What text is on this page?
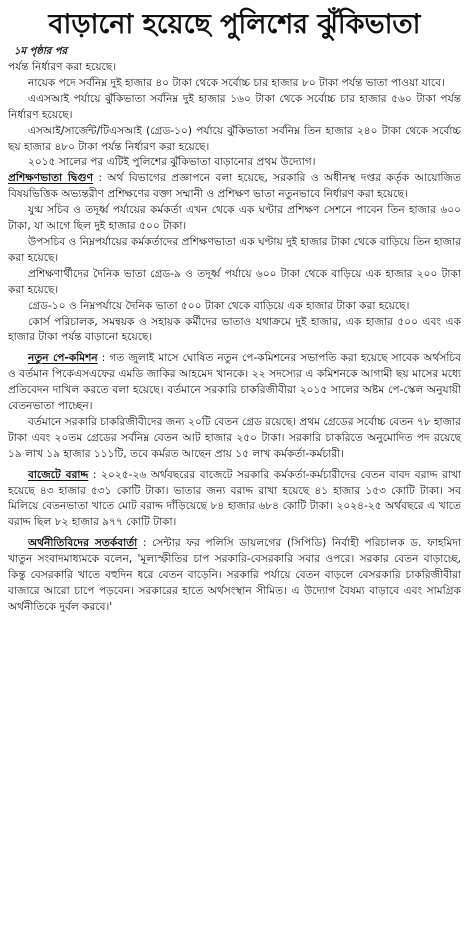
বাড়ানো হয়েছে পুলিশের ঝুঁকিভাতা

১ম পৃষ্ঠার পর

পর্যন্ত নির্ধারণ করা হয়েছে।

নায়েক পদে সর্বনিম্ন দুই হাজার ৪০ টাকা থেকে সর্বোচ্চ চার হাজার ৮০ টাকা পর্যন্ত ভাতা পাওয়া যাবে।

এএসআই পর্যায়ে ঝুঁকিভাতা সর্বনিম্ন দুই হাজার ১৬০ টাকা থেকে সর্বোচ্চ চার হাজার ৫৬০ টাকা পর্যন্ত নির্ধারণ হয়েছে।

এসআই/সার্জেন্ট/টিএসআই (গ্রেড-১০) পর্যায়ে ঝুঁকিভাতা সর্বনিম্ন তিন হাজার ২৪০ টাকা থেকে সর্বোচ্চ ছয় হাজার ৪৮০ টাকা পর্যন্ত নির্ধারণ করা হয়েছে।

২০১৫ সালের পর এটিই পুলিশের ঝুঁকিভাতা বাড়ানোর প্রথম উদ্যোগ।

প্রশিক্ষণভাতা দ্বিগুণ : অর্থ বিভাগের প্রজ্ঞাপনে বলা হয়েছে, সরকারি ও অধীনস্থ দপ্তর কর্তৃক আয়োজিত বিষয়ভিত্তিক অভ্যন্তরীণ প্রশিক্ষণের বক্তা সম্মানী ও প্রশিক্ষণ ভাতা নতুনভাবে নির্ধারণ করা হয়েছে।

যুগ্ম সচিব ও তদূর্ধ্ব পর্যায়ের কর্মকর্তা এখন থেকে এক ঘণ্টার প্রশিক্ষণ সেশনে পাবেন তিন হাজার ৬০০ টাকা, যা আগে ছিল দুই হাজার ৫০০ টাকা।

উপসচিব ও নিম্নপর্যায়ের কর্মকর্তাদের প্রশিক্ষণভাতা এক ঘণ্টায় দুই হাজার টাকা থেকে বাড়িয়ে তিন হাজার করা হয়েছে।

প্রশিক্ষণার্থীদের দৈনিক ভাতা গ্রেড-৯ ও তদূর্ধ্ব পর্যায়ে ৬০০ টাকা থেকে বাড়িয়ে এক হাজার ২০০ টাকা করা হয়েছে।

গ্রেড-১০ ও নিম্নপর্যায়ে দৈনিক ভাতা ৫০০ টাকা থেকে বাড়িয়ে এক হাজার টাকা করা হয়েছে।

কোর্স পরিচালক, সমন্বয়ক ও সহায়ক কর্মীদের ভাতাও যথাক্রমে দুই হাজার, এক হাজার ৫০০ এবং এক হাজার টাকা পর্যন্ত বাড়ানো হয়েছে।

নতুন পে-কমিশন : গত জুলাই মাসে ঘোষিত নতুন পে-কমিশনের সভাপতি করা হয়েছে সাবেক অর্থসচিব ও বর্তমান পিকেএসএফের এমডি জাকির আহমেদ খানকে। ২২ সদস্যের এ কমিশনকে আগামী ছয় মাসের মধ্যে প্রতিবেদন দাখিল করতে বলা হয়েছে। বর্তমানে সরকারি চাকরিজীবীরা ২০১৫ সালের অষ্টম পে-স্কেল অনুযায়ী বেতনভাতা পাচ্ছেন।

বর্তমানে সরকারি চাকরিজীবীদের জন্য ২০টি বেতন গ্রেড রয়েছে। প্রথম গ্রেডের সর্বোচ্চ বেতন ৭৮ হাজার টাকা এবং ২০তম গ্রেডের সর্বনিম্ন বেতন আট হাজার ২৫০ টাকা। সরকারি চাকরিতে অনুমোদিত পদ রয়েছে ১৯ লাখ ১৯ হাজার ১১১টি, তবে কর্মরত আছেন প্রায় ১৫ লাখ কর্মকর্তা-কর্মচারী।

বাজেটে বরাদ্দ : ২০২৫-২৬ অর্থবছরের বাজেটে সরকারি কর্মকর্তা-কর্মচারীদের বেতন বাবদ বরাদ্দ রাখা হয়েছে ৪৩ হাজার ৫৩১ কোটি টাকা। ভাতার জন্য বরাদ্দ রাখা হয়েছে ৪১ হাজার ১৫৩ কোটি টাকা। সব মিলিয়ে বেতনভাতা খাতে মোট বরাদ্দ দাঁড়িয়েছে ৮৪ হাজার ৬৮৪ কোটি টাকা। ২০২৪-২৫ অর্থবছরে এ খাতে বরাদ্দ ছিল ৮২ হাজার ৯৭৭ কোটি টাকা।

অর্থনীতিবিদের সতর্কবার্তা : সেন্টার ফর পলিসি ডায়লগের (সিপিডি) নির্বাহী পরিচালক ড. ফাহমিদা খাতুন সংবাদমাধ্যমকে বলেন, 'মূল্যস্ফীতির চাপ সরকারি-বেসরকারি সবার ওপরে। সরকার বেতন বাড়াচ্ছে, কিন্তু বেসরকারি খাতে বহুদিন ধরে বেতন বাড়েনি। সরকারি পর্যায়ে বেতন বাড়লে বেসরকারি চাকরিজীবীরা বাজারে আরো চাপে পড়বেন। সরকারের হাতে অর্থসংস্থান সীমিত। এ উদ্যোগ বৈষম্য বাড়াবে এবং সামগ্রিক অর্থনীতিকে দুর্বল করবে।'
